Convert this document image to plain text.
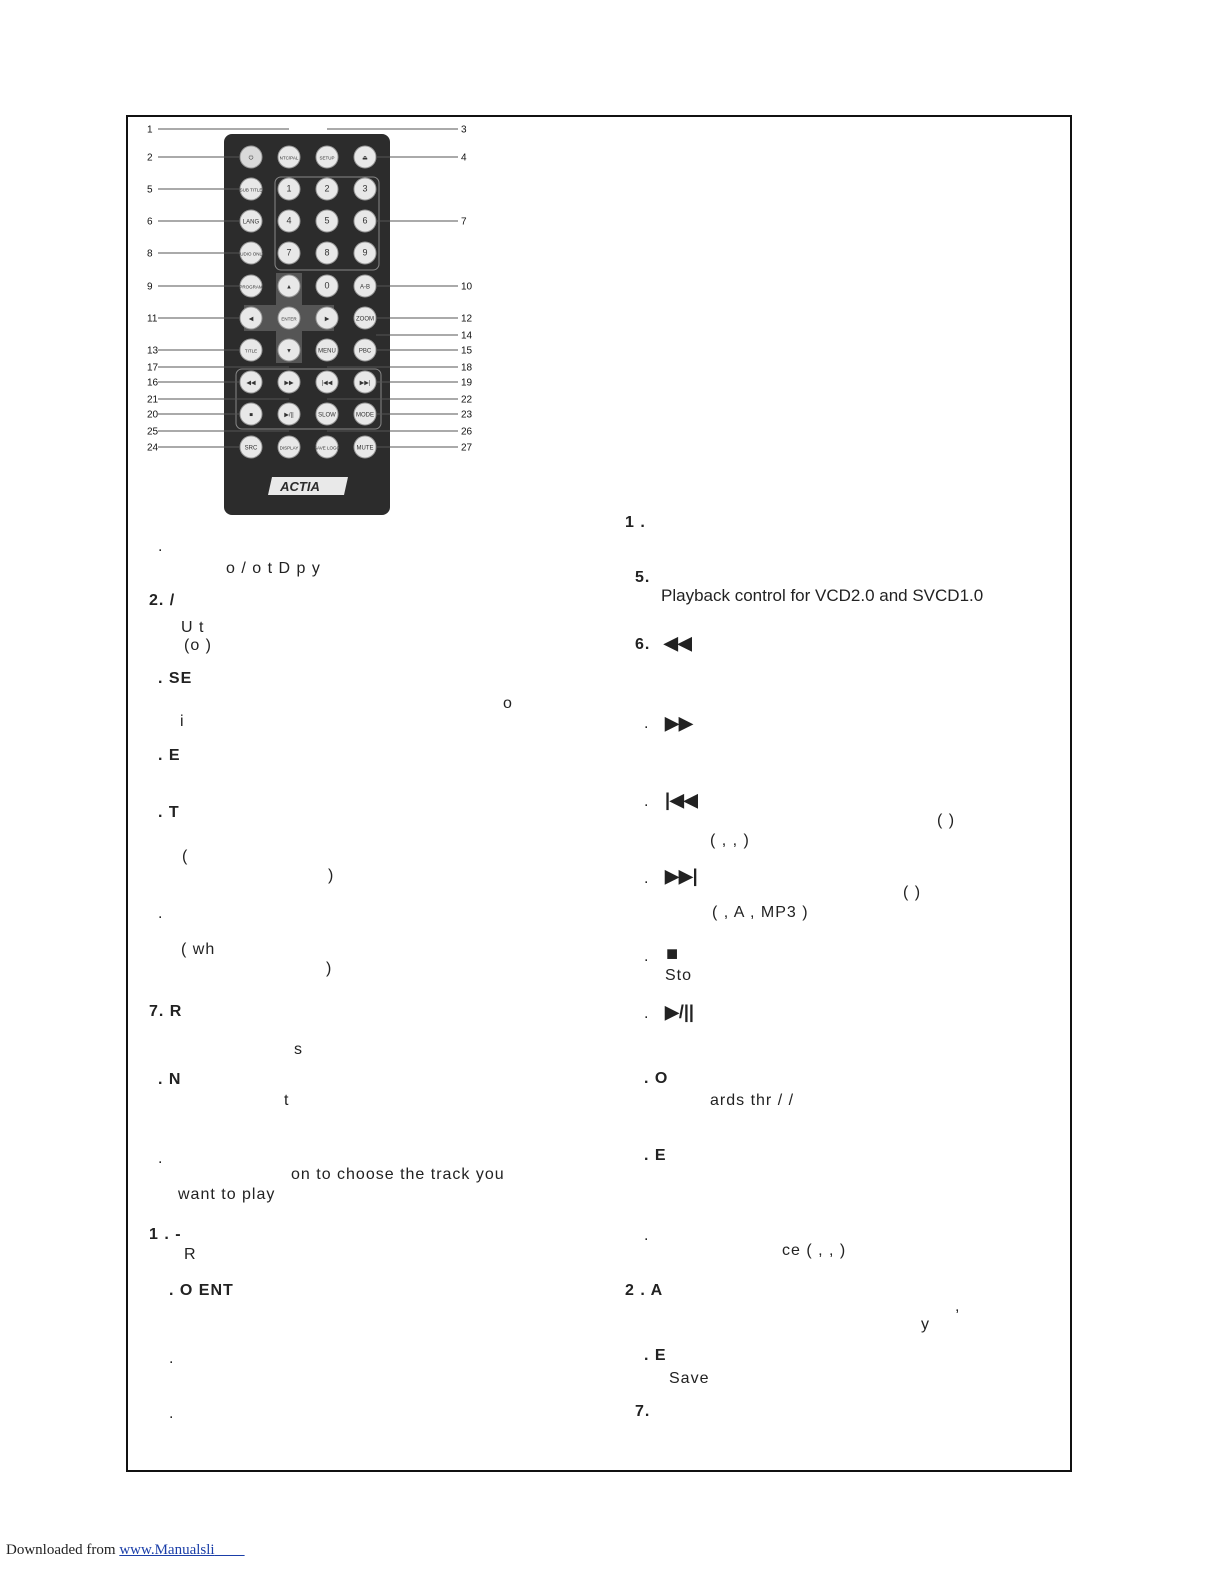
⏻	NTC/PAL	SETUP	⏏
SUB TITLE	1	2	3
LANG	4	5	6
AUDIO ONLY 7	8	9
PROGRAM	▲	0	A-B
◀	ENTER	▶	ZOOM
TITLE	▼	MENU	PBC
◀◀	▶▶	|◀◀	▶▶|
■	▶/||	SLOW	MODE
SRC	DISPLAY	SAVE LOGO	MUTE
ACTIA
2
1	3
4
5
6	7
8
9	10
11	12
14
13	15
17	18
16	19
21	22
20	23
25	26
24	27
.
o / o t D p y
2. /
U t
(o )
. SE
o
i
. E
. T
(
)
.
( wh
)
7. R
s
. N
t
.
on to choose the track you
want to play
1 . -
R
. O ENT
.
.
1 .
5.
Playback control for VCD2.0 and SVCD1.0
6. ◀◀
. ▶▶
. |◀◀
( )
( , , )
. ▶▶|
( )
( , A , MP3 )
. ■
Sto
. ▶/||
. O
ards thr / /
. E
.
ce ( , , )
2 . A
,
y
. E
Save
7.
Downloaded from www.Manualsli
